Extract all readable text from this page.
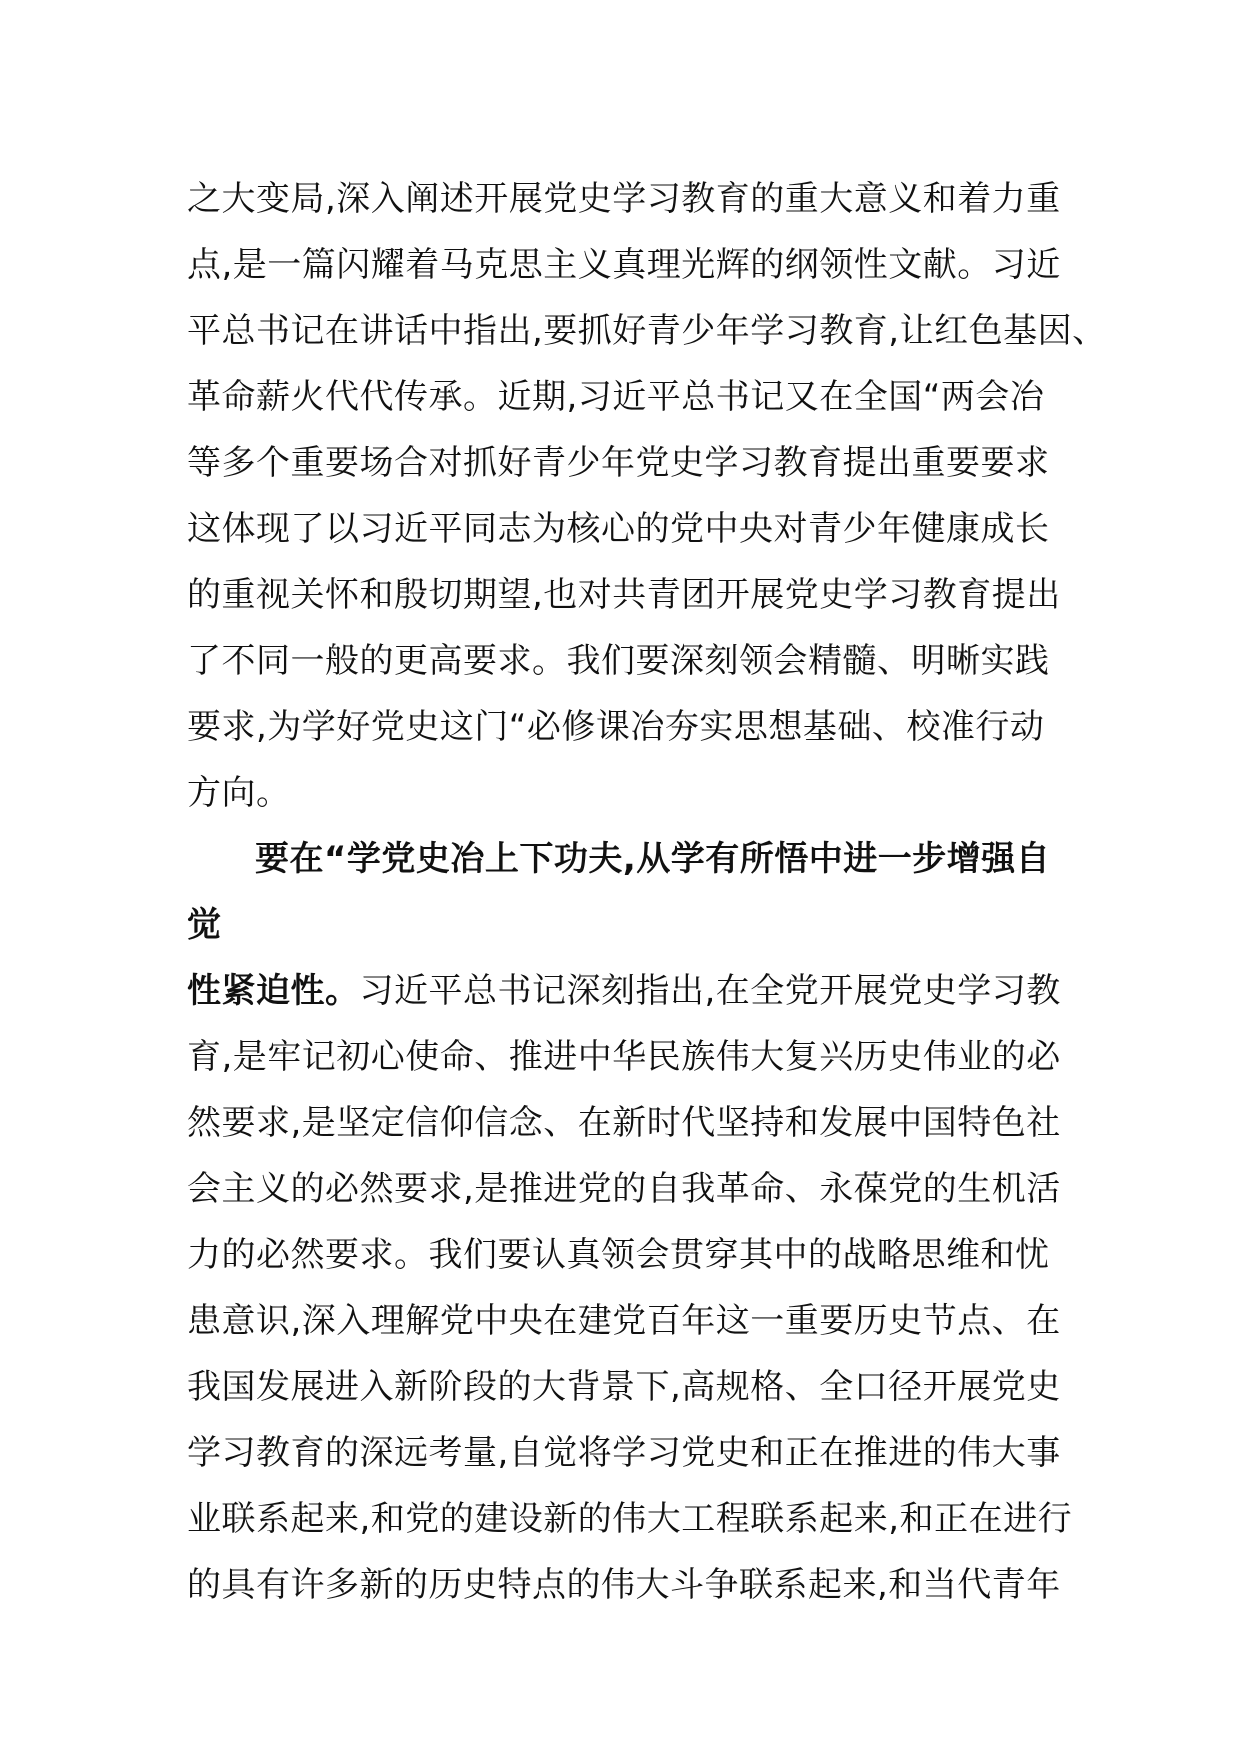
之大变局,深入阐述开展党史学习教育的重大意义和着力重
点,是一篇闪耀着马克思主义真理光辉的纲领性文献。习近
平总书记在讲话中指出,要抓好青少年学习教育,让红色基因、
革命薪火代代传承。近期,习近平总书记又在全国“两会冶
等多个重要场合对抓好青少年党史学习教育提出重要要求
这体现了以习近平同志为核心的党中央对青少年健康成长
的重视关怀和殷切期望,也对共青团开展党史学习教育提出
了不同一般的更高要求。我们要深刻领会精髓、明晰实践
要求,为学好党史这门“必修课冶夯实思想基础、校准行动
方向。
要在“学党史冶上下功夫,从学有所悟中进一步增强自
觉
性紧迫性。习近平总书记深刻指出,在全党开展党史学习教
育,是牢记初心使命、推进中华民族伟大复兴历史伟业的必
然要求,是坚定信仰信念、在新时代坚持和发展中国特色社
会主义的必然要求,是推进党的自我革命、永葆党的生机活
力的必然要求。我们要认真领会贯穿其中的战略思维和忧
患意识,深入理解党中央在建党百年这一重要历史节点、在
我国发展进入新阶段的大背景下,高规格、全口径开展党史
学习教育的深远考量,自觉将学习党史和正在推进的伟大事
业联系起来,和党的建设新的伟大工程联系起来,和正在进行
的具有许多新的历史特点的伟大斗争联系起来,和当代青年
